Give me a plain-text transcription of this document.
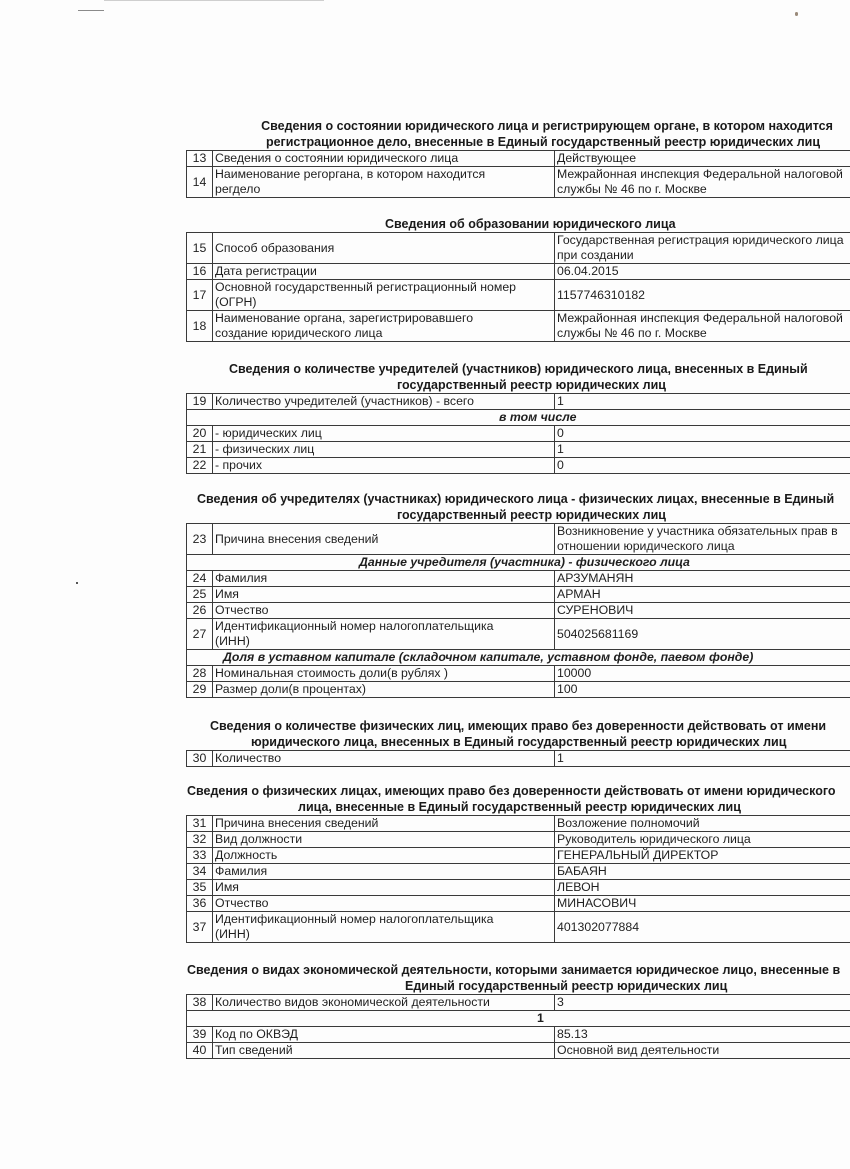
Сведения о состоянии юридического лица и регистрирующем органе, в котором находится
регистрационное дело, внесенные в Единый государственный реестр юридических лиц
13	Сведения о состоянии юридического лица	Действующее
14	Наименование регоргана, в котором находится
регдело	Межрайонная инспекция Федеральной налоговой
службы № 46 по г. Москве
Сведения об образовании юридического лица
15	Способ образования	Государственная регистрация юридического лица
при создании
16	Дата регистрации	06.04.2015
17	Основной государственный регистрационный номер
(ОГРН)	1157746310182
18	Наименование органа, зарегистрировавшего
создание юридического лица	Межрайонная инспекция Федеральной налоговой
службы № 46 по г. Москве
Сведения о количестве учредителей (участников) юридического лица, внесенных в Единый
государственный реестр юридических лиц
19	Количество учредителей (участников) - всего	1
в том числе		
20	- юридических лиц	0
21	- физических лиц	1
22	- прочих	0
Сведения об учредителях (участниках) юридического лица - физических лицах, внесенные в Единый
государственный реестр юридических лиц
23	Причина внесения сведений	Возникновение у участника обязательных прав в
отношении юридического лица
Данные учредителя (участника) - физического лица		
24	Фамилия	АРЗУМАНЯН
25	Имя	АРМАН
26	Отчество	СУРЕНОВИЧ
27	Идентификационный номер налогоплательщика
(ИНН)	504025681169
Доля в уставном капитале (складочном капитале, уставном фонде, паевом фонде)		
28	Номинальная стоимость доли(в рублях )	10000
29	Размер доли(в процентах)	100
Сведения о количестве физических лиц, имеющих право без доверенности действовать от имени
юридического лица, внесенных в Единый государственный реестр юридических лиц
30	Количество	1
Сведения о физических лицах, имеющих право без доверенности действовать от имени юридического
лица, внесенные в Единый государственный реестр юридических лиц
31	Причина внесения сведений	Возложение полномочий
32	Вид должности	Руководитель юридического лица
33	Должность	ГЕНЕРАЛЬНЫЙ ДИРЕКТОР
34	Фамилия	БАБАЯН
35	Имя	ЛЕВОН
36	Отчество	МИНАСОВИЧ
37	Идентификационный номер налогоплательщика
(ИНН)	401302077884
Сведения о видах экономической деятельности, которыми занимается юридическое лицо, внесенные в
Единый государственный реестр юридических лиц
38	Количество видов экономической деятельности	3
1		
39	Код по ОКВЭД	85.13
40	Тип сведений	Основной вид деятельности
